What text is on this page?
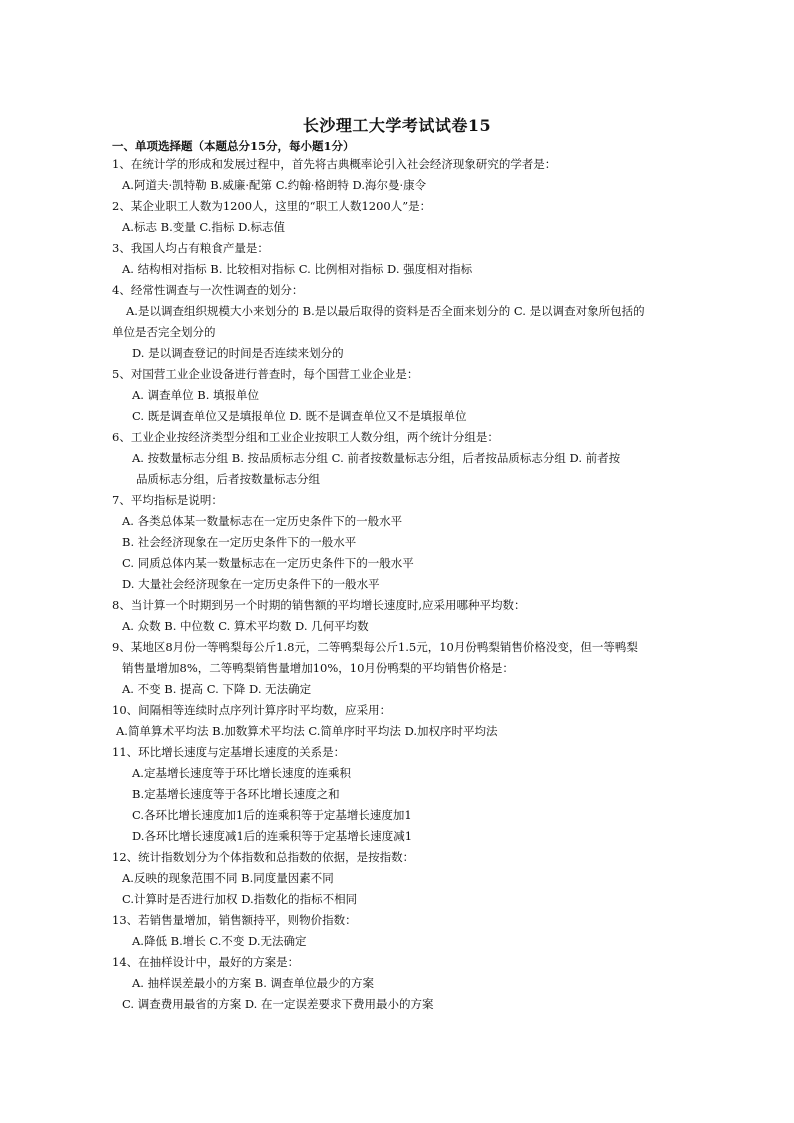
长沙理工大学考试试卷15
一、单项选择题（本题总分15分，每小题1分）
1、在统计学的形成和发展过程中，首先将古典概率论引入社会经济现象研究的学者是：
A.阿道夫·凯特勒 B.威廉·配第 C.约翰·格朗特 D.海尔曼·康令
2、某企业职工人数为1200人，这里的“职工人数1200人”是：
A.标志 B.变量 C.指标 D.标志值
3、我国人均占有粮食产量是：
A. 结构相对指标 B. 比较相对指标 C. 比例相对指标 D. 强度相对指标
4、经常性调查与一次性调查的划分：
A.是以调查组织规模大小来划分的 B.是以最后取得的资料是否全面来划分的 C. 是以调查对象所包括的
单位是否完全划分的
D. 是以调查登记的时间是否连续来划分的
5、对国营工业企业设备进行普查时，每个国营工业企业是：
A. 调查单位 B. 填报单位
C. 既是调查单位又是填报单位 D. 既不是调查单位又不是填报单位
6、工业企业按经济类型分组和工业企业按职工人数分组，两个统计分组是：
A. 按数量标志分组 B. 按品质标志分组 C. 前者按数量标志分组，后者按品质标志分组 D. 前者按
品质标志分组，后者按数量标志分组
7、平均指标是说明：
A. 各类总体某一数量标志在一定历史条件下的一般水平
B. 社会经济现象在一定历史条件下的一般水平
C. 同质总体内某一数量标志在一定历史条件下的一般水平
D. 大量社会经济现象在一定历史条件下的一般水平
8、当计算一个时期到另一个时期的销售额的平均增长速度时,应采用哪种平均数：
A. 众数 B. 中位数 C. 算术平均数 D. 几何平均数
9、某地区8月份一等鸭梨每公斤1.8元，二等鸭梨每公斤1.5元，10月份鸭梨销售价格没变，但一等鸭梨
销售量增加8%，二等鸭梨销售量增加10%，10月份鸭梨的平均销售价格是：
A. 不变 B. 提高 C. 下降 D. 无法确定
10、间隔相等连续时点序列计算序时平均数，应采用：
A.简单算术平均法 B.加数算术平均法 C.简单序时平均法 D.加权序时平均法
11、环比增长速度与定基增长速度的关系是：
A.定基增长速度等于环比增长速度的连乘积
B.定基增长速度等于各环比增长速度之和
C.各环比增长速度加1后的连乘积等于定基增长速度加1
D.各环比增长速度减1后的连乘积等于定基增长速度减1
12、统计指数划分为个体指数和总指数的依据，是按指数：
A.反映的现象范围不同 B.同度量因素不同
C.计算时是否进行加权 D.指数化的指标不相同
13、若销售量增加，销售额持平，则物价指数：
A.降低 B.增长 C.不变 D.无法确定
14、在抽样设计中，最好的方案是：
A. 抽样误差最小的方案 B. 调查单位最少的方案
C. 调查费用最省的方案 D. 在一定误差要求下费用最小的方案
